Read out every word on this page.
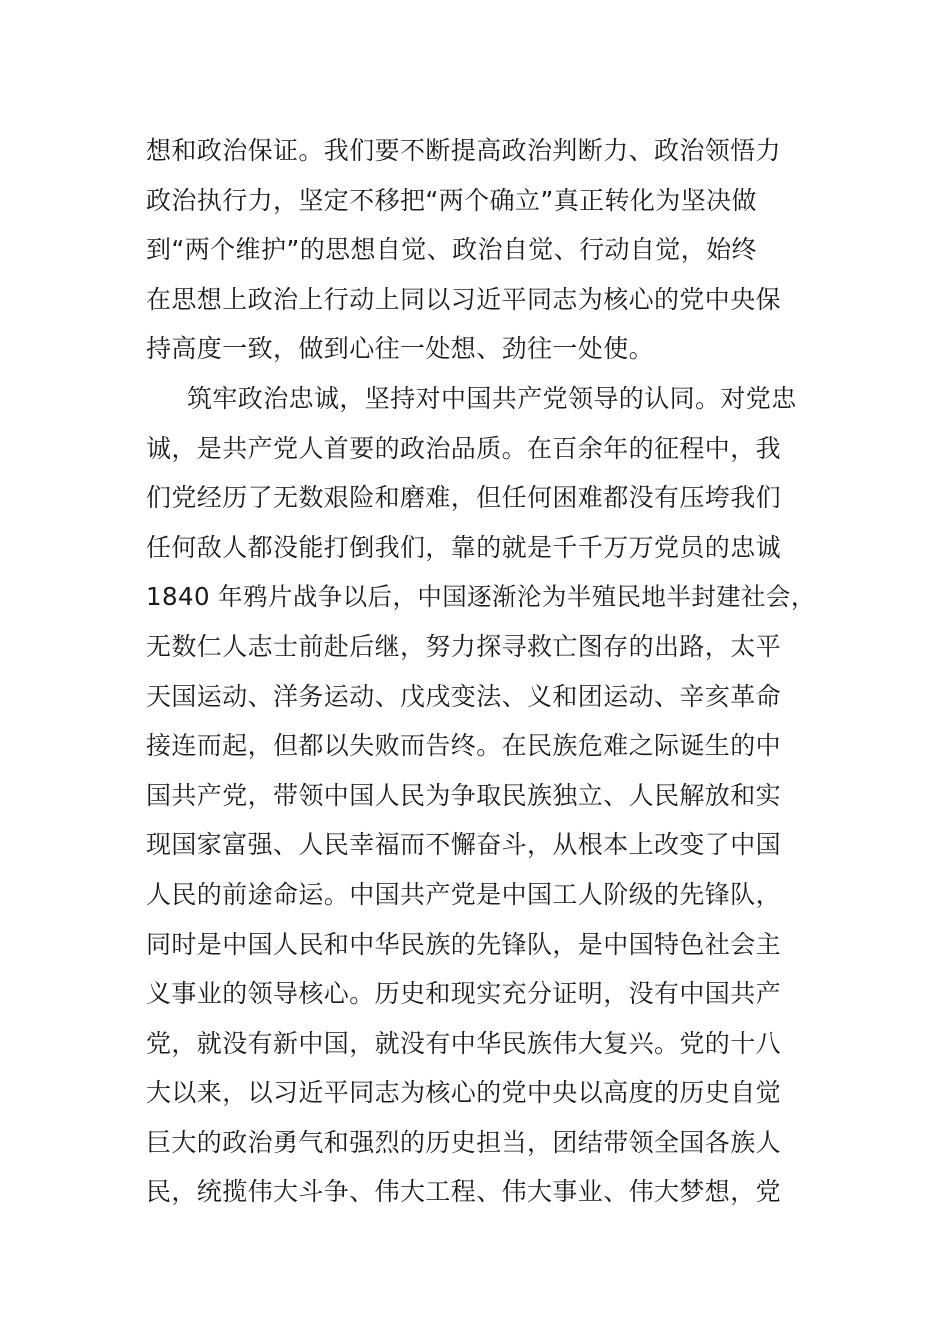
想和政治保证。我们要不断提高政治判断力、政治领悟力
政治执行力，坚定不移把“两个确立”真正转化为坚决做
到“两个维护”的思想自觉、政治自觉、行动自觉，始终
在思想上政治上行动上同以习近平同志为核心的党中央保
持高度一致，做到心往一处想、劲往一处使。
筑牢政治忠诚，坚持对中国共产党领导的认同。对党忠
诚，是共产党人首要的政治品质。在百余年的征程中，我
们党经历了无数艰险和磨难，但任何困难都没有压垮我们
任何敌人都没能打倒我们，靠的就是千千万万党员的忠诚
1840 年鸦片战争以后，中国逐渐沦为半殖民地半封建社会，
无数仁人志士前赴后继，努力探寻救亡图存的出路，太平
天国运动、洋务运动、戊戌变法、义和团运动、辛亥革命
接连而起，但都以失败而告终。在民族危难之际诞生的中
国共产党，带领中国人民为争取民族独立、人民解放和实
现国家富强、人民幸福而不懈奋斗，从根本上改变了中国
人民的前途命运。中国共产党是中国工人阶级的先锋队，
同时是中国人民和中华民族的先锋队，是中国特色社会主
义事业的领导核心。历史和现实充分证明，没有中国共产
党，就没有新中国，就没有中华民族伟大复兴。党的十八
大以来，以习近平同志为核心的党中央以高度的历史自觉
巨大的政治勇气和强烈的历史担当，团结带领全国各族人
民，统揽伟大斗争、伟大工程、伟大事业、伟大梦想，党
